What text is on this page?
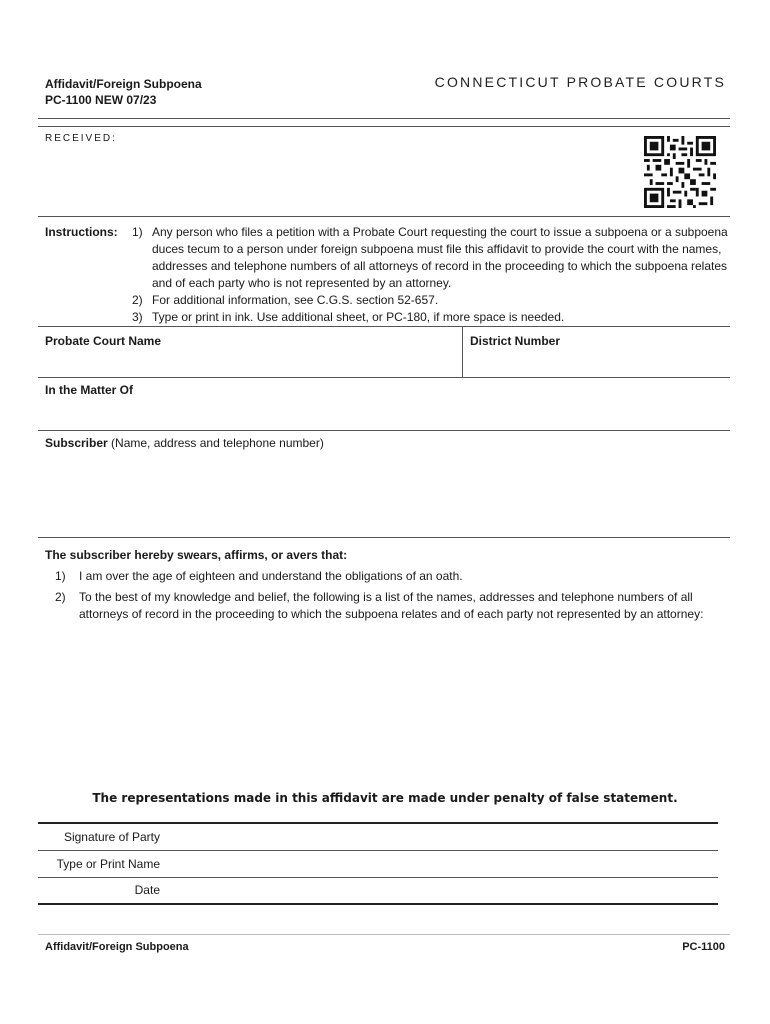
Affidavit/Foreign Subpoena
PC-1100 NEW 07/23
CONNECTICUT PROBATE COURTS
RECEIVED:
Instructions: 1) Any person who files a petition with a Probate Court requesting the court to issue a subpoena or a subpoena duces tecum to a person under foreign subpoena must file this affidavit to provide the court with the names, addresses and telephone numbers of all attorneys of record in the proceeding to which the subpoena relates and of each party who is not represented by an attorney.
2) For additional information, see C.G.S. section 52-657.
3) Type or print in ink. Use additional sheet, or PC-180, if more space is needed.
Probate Court Name	District Number
In the Matter Of
Subscriber (Name, address and telephone number)
The subscriber hereby swears, affirms, or avers that:
1)	I am over the age of eighteen and understand the obligations of an oath.
2)	To the best of my knowledge and belief, the following is a list of the names, addresses and telephone numbers of all attorneys of record in the proceeding to which the subpoena relates and of each party not represented by an attorney:
The representations made in this affidavit are made under penalty of false statement.
Signature of Party
Type or Print Name
Date
Affidavit/Foreign Subpoena	PC-1100
